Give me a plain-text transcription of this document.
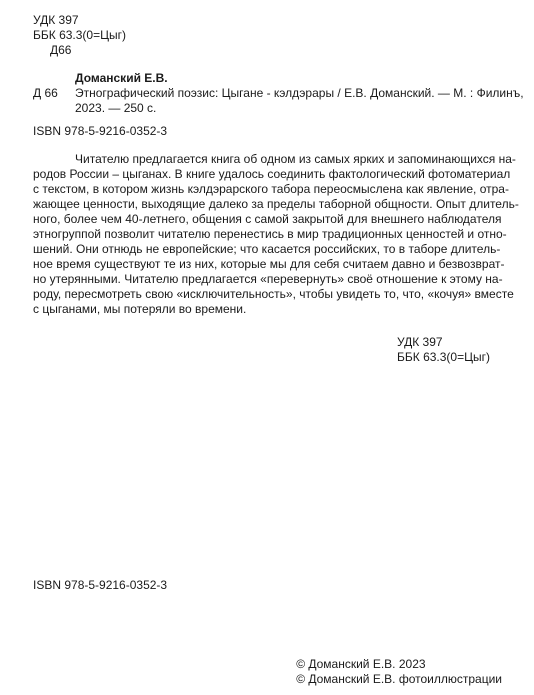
УДК 397
ББК 63.3(0=Цыг)
Д66
Доманский Е.В.
Д 66 Этнографический поэзис: Цыгане - кэлдэрары / Е.В. Доманский. — М. : Филинъ,
2023. — 250 с.
ISBN 978-5-9216-0352-3
Читателю предлагается книга об одном из самых ярких и запоминающихся на-
родов России – цыганах. В книге удалось соединить фактологический фотоматериал
с текстом, в котором жизнь кэлдэрарского табора переосмыслена как явление, отра-
жающее ценности, выходящие далеко за пределы таборной общности. Опыт длитель-
ного, более чем 40-летнего, общения с самой закрытой для внешнего наблюдателя
этногруппой позволит читателю перенестись в мир традиционных ценностей и отно-
шений. Они отнюдь не европейские; что касается российских, то в таборе длитель-
ное время существуют те из них, которые мы для себя считаем давно и безвозврат-
но утерянными. Читателю предлагается «перевернуть» своё отношение к этому на-
роду, пересмотреть свою «исключительность», чтобы увидеть то, что, «кочуя» вместе
с цыганами, мы потеряли во времени.
УДК 397
ББК 63.3(0=Цыг)
ISBN 978-5-9216-0352-3
© Доманский Е.В. 2023
© Доманский Е.В. фотоиллюстрации
